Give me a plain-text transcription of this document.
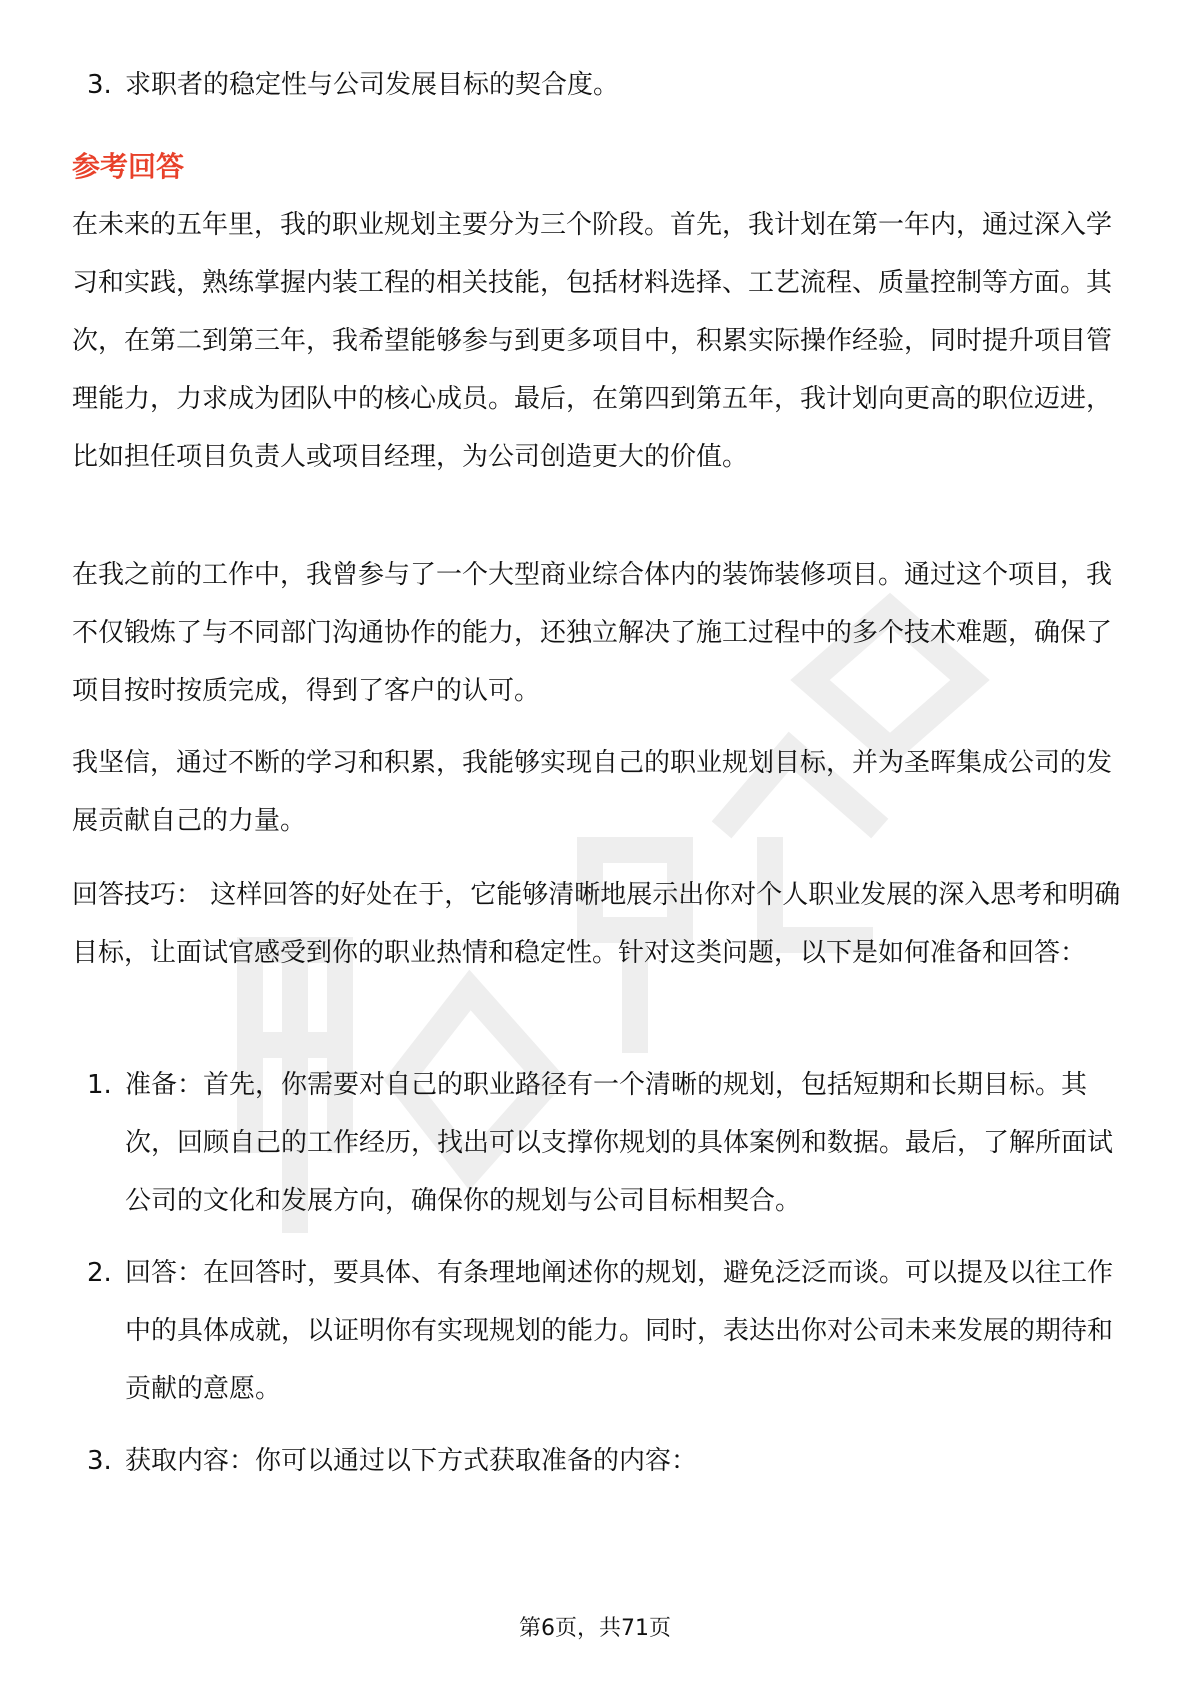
3. 求职者的稳定性与公司发展目标的契合度。
参考回答

在未来的五年里，我的职业规划主要分为三个阶段。首先，我计划在第一年内，通过深入学习和实践，熟练掌握内装工程的相关技能，包括材料选择、工艺流程、质量控制等方面。其次，在第二到第三年，我希望能够参与到更多项目中，积累实际操作经验，同时提升项目管理能力，力求成为团队中的核心成员。最后，在第四到第五年，我计划向更高的职位迈进，比如担任项目负责人或项目经理，为公司创造更大的价值。

在我之前的工作中，我曾参与了一个大型商业综合体内的装饰装修项目。通过这个项目，我不仅锻炼了与不同部门沟通协作的能力，还独立解决了施工过程中的多个技术难题，确保了项目按时按质完成，得到了客户的认可。

我坚信，通过不断的学习和积累，我能够实现自己的职业规划目标，并为圣晖集成公司的发展贡献自己的力量。

回答技巧： 这样回答的好处在于，它能够清晰地展示出你对个人职业发展的深入思考和明确目标，让面试官感受到你的职业热情和稳定性。针对这类问题，以下是如何准备和回答：

1. 准备：首先，你需要对自己的职业路径有一个清晰的规划，包括短期和长期目标。其次，回顾自己的工作经历，找出可以支撑你规划的具体案例和数据。最后，了解所面试公司的文化和发展方向，确保你的规划与公司目标相契合。
2. 回答：在回答时，要具体、有条理地阐述你的规划，避免泛泛而谈。可以提及以往工作中的具体成就，以证明你有实现规划的能力。同时，表达出你对公司未来发展的期待和贡献的意愿。
3. 获取内容：你可以通过以下方式获取准备的内容：
第6页，共71页
